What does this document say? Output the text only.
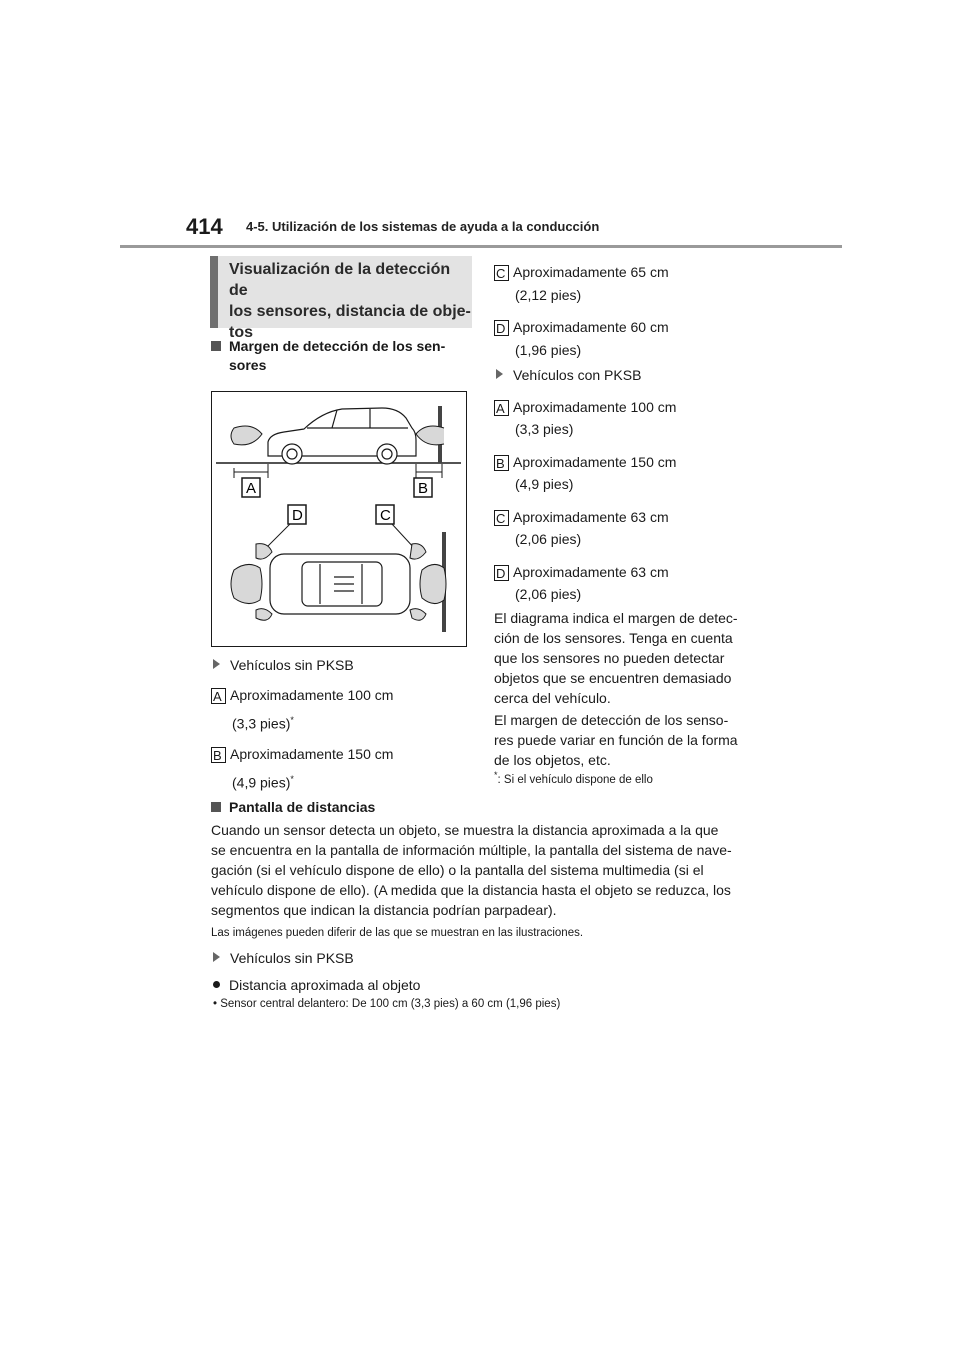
414 4-5. Utilización de los sistemas de ayuda a la conducción
Visualización de la detección de
los sensores, distancia de obje-
tos
Margen de detección de los sen-
sores
A	B
D	C
Vehículos sin PKSB
A Aproximadamente 100 cm
(3,3 pies)*
B Aproximadamente 150 cm
(4,9 pies)*
C Aproximadamente 65 cm
(2,12 pies)
D Aproximadamente 60 cm
(1,96 pies)
Vehículos con PKSB
A Aproximadamente 100 cm
(3,3 pies)
B Aproximadamente 150 cm
(4,9 pies)
C Aproximadamente 63 cm
(2,06 pies)
D Aproximadamente 63 cm
(2,06 pies)
El diagrama indica el margen de detec-
ción de los sensores. Tenga en cuenta
que los sensores no pueden detectar
objetos que se encuentren demasiado
cerca del vehículo.
El margen de detección de los senso-
res puede variar en función de la forma
de los objetos, etc.
*: Si el vehículo dispone de ello
Pantalla de distancias
Cuando un sensor detecta un objeto, se muestra la distancia aproximada a la que
se encuentra en la pantalla de información múltiple, la pantalla del sistema de nave-
gación (si el vehículo dispone de ello) o la pantalla del sistema multimedia (si el
vehículo dispone de ello). (A medida que la distancia hasta el objeto se reduzca, los
segmentos que indican la distancia podrían parpadear).
Las imágenes pueden diferir de las que se muestran en las ilustraciones.
Vehículos sin PKSB
Distancia aproximada al objeto
• Sensor central delantero: De 100 cm (3,3 pies) a 60 cm (1,96 pies)
